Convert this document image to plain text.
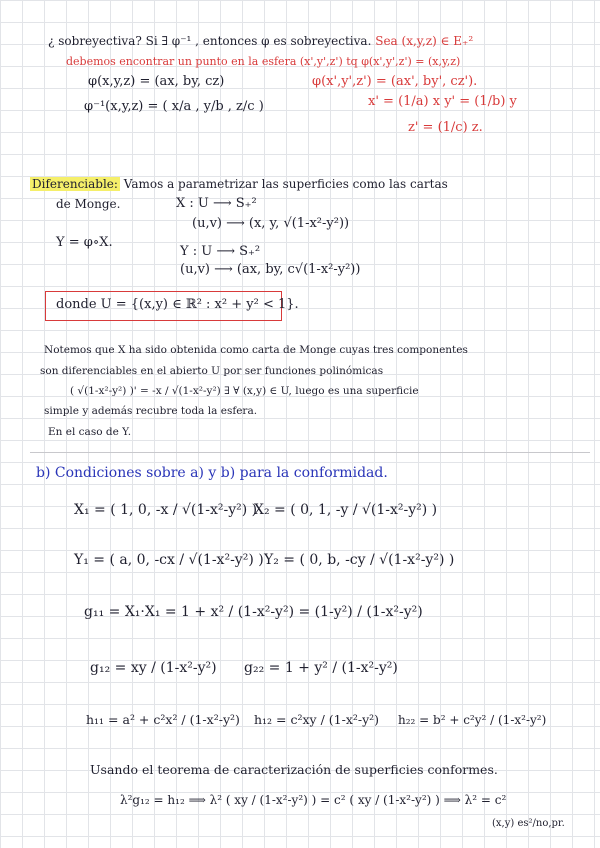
¿ sobreyectiva? Si ∃ φ⁻¹ , entonces φ es sobreyectiva. Sea (x,y,z) ∈ E₊²
debemos encontrar un punto en la esfera (x',y',z') tq φ(x',y',z') = (x,y,z)
φ(x,y,z) = (ax, by, cz)	φ(x',y',z') = (ax', by', cz').
φ⁻¹(x,y,z) = ( x/a , y/b , z/c )	x' = (1/a) x y' = (1/b) y
z' = (1/c) z.
Diferenciable: Vamos a parametrizar las superficies como las cartas
de Monge.	X : U ⟶ S₊²
(u,v) ⟶ (x, y, √(1-x²-y²))
Y = φ∘X.
Y : U ⟶ S₊²
(u,v) ⟶ (ax, by, c√(1-x²-y²))
donde U = {(x,y) ∈ ℝ² : x² + y² < 1}.
Notemos que X ha sido obtenida como carta de Monge cuyas tres componentes
son diferenciables en el abierto U por ser funciones polinómicas
( √(1-x²-y²) )' = -x / √(1-x²-y²) ∃ ∀ (x,y) ∈ U, luego es una superficie
simple y además recubre toda la esfera.
En el caso de Y.
b) Condiciones sobre a) y b) para la conformidad.
X₁ = ( 1, 0, -x / √(1-x²-y²) )
X₂ = ( 0, 1, -y / √(1-x²-y²) )
Y₁ = ( a, 0, -cx / √(1-x²-y²) ) Y₂ = ( 0, b, -cy / √(1-x²-y²) )
g₁₁ = X₁·X₁ = 1 + x² / (1-x²-y²) = (1-y²) / (1-x²-y²)
g₁₂ = xy / (1-x²-y²) g₂₂ = 1 + y² / (1-x²-y²)
h₁₁ = a² + c²x² / (1-x²-y²) h₁₂ = c²xy / (1-x²-y²) h₂₂ = b² + c²y² / (1-x²-y²)
Usando el teorema de caracterización de superficies conformes.
λ²g₁₂ = h₁₂ ⟹ λ² ( xy / (1-x²-y²) ) = c² ( xy / (1-x²-y²) ) ⟹ λ² = c²
(x,y) es²/no,pr.
